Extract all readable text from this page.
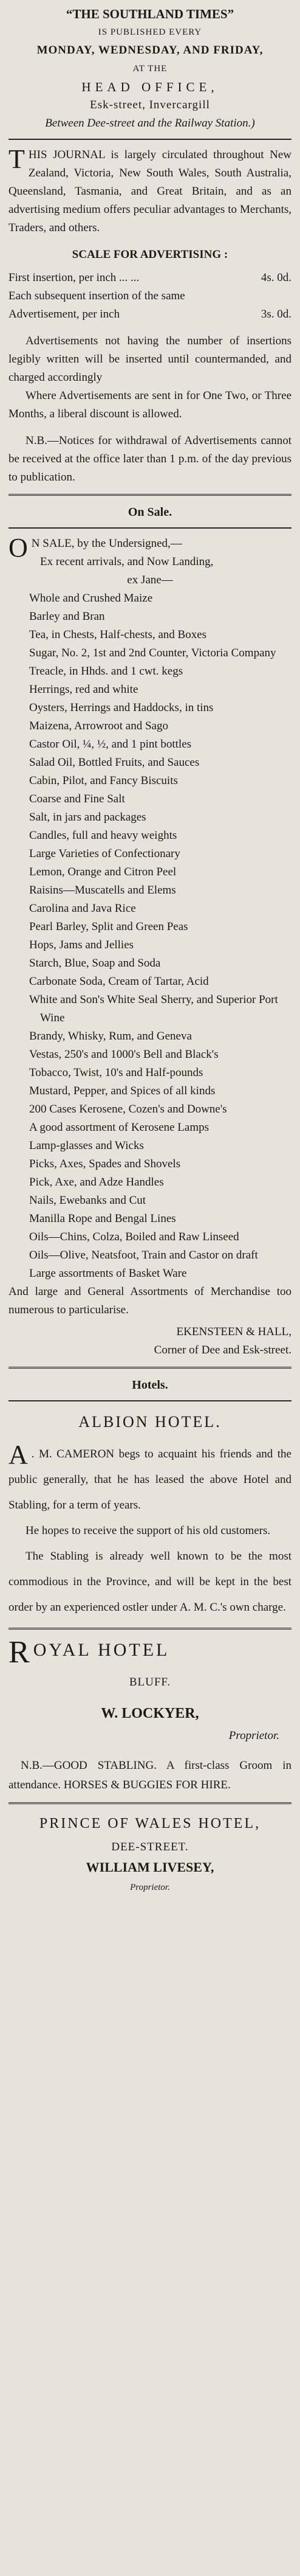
“THE SOUTHLAND TIMES”
IS PUBLISHED EVERY
MONDAY, WEDNESDAY, AND FRIDAY,
AT THE
HEAD OFFICE,
Esk-street, Invercargill
Between Dee-street and the Railway Station.)
THIS JOURNAL is largely circulated throughout New Zealand, Victoria, New South Wales, South Australia, Queensland, Tasmania, and Great Britain, and as an advertising medium offers peculiar advantages to Merchants, Traders, and others.
SCALE FOR ADVERTISING :
First insertion, per inch ... ...	4s. 0d.
Each subsequent insertion of the same Advertisement, per inch	3s. 0d.
Advertisements not having the number of insertions legibly written will be inserted until countermanded, and charged accordingly
Where Advertisements are sent in for One Two, or Three Months, a liberal discount is allowed.
N.B.—Notices for withdrawal of Advertisements cannot be received at the office later than 1 p.m. of the day previous to publication.
On Sale.
O N SALE, by the Undersigned,—
Ex recent arrivals, and Now Landing,
ex Jane—
Whole and Crushed Maize
Barley and Bran
Tea, in Chests, Half-chests, and Boxes
Sugar, No. 2, 1st and 2nd Counter, Victoria Company
Treacle, in Hhds. and 1 cwt. kegs
Herrings, red and white
Oysters, Herrings and Haddocks, in tins
Maizena, Arrowroot and Sago
Castor Oil, ¼, ½, and 1 pint bottles
Salad Oil, Bottled Fruits, and Sauces
Cabin, Pilot, and Fancy Biscuits
Coarse and Fine Salt
Salt, in jars and packages
Candles, full and heavy weights
Large Varieties of Confectionary
Lemon, Orange and Citron Peel
Raisins—Muscatells and Elems
Carolina and Java Rice
Pearl Barley, Split and Green Peas
Hops, Jams and Jellies
Starch, Blue, Soap and Soda
Carbonate Soda, Cream of Tartar, Acid
White and Son's White Seal Sherry, and Superior Port Wine
Brandy, Whisky, Rum, and Geneva
Vestas, 250's and 1000's Bell and Black's
Tobacco, Twist, 10's and Half-pounds
Mustard, Pepper, and Spices of all kinds
200 Cases Kerosene, Cozen's and Downe's
A good assortment of Kerosene Lamps
Lamp-glasses and Wicks
Picks, Axes, Spades and Shovels
Pick, Axe, and Adze Handles
Nails, Ewebanks and Cut
Manilla Rope and Bengal Lines
Oils—Chins, Colza, Boiled and Raw Linseed
Oils—Olive, Neatsfoot, Train and Castor on draft
Large assortments of Basket Ware
And large and General Assortments of Merchandise too numerous to particularise.
EKENSTEEN & HALL,
Corner of Dee and Esk-street.
Hotels.
ALBION HOTEL.
A . M. CAMERON begs to acquaint his friends and the public generally, that he has leased the above Hotel and Stabling, for a term of years.
He hopes to receive the support of his old customers.
The Stabling is already well known to be the most commodious in the Province, and will be kept in the best order by an experienced ostler under A. M. C.'s own charge.
ROYAL HOTEL
BLUFF.
W. LOCKYER,
Proprietor.
N.B.—GOOD STABLING. A first-class Groom in attendance. HORSES & BUGGIES FOR HIRE.
PRINCE OF WALES HOTEL,
DEE-STREET.
WILLIAM LIVESEY,
Proprietor.
